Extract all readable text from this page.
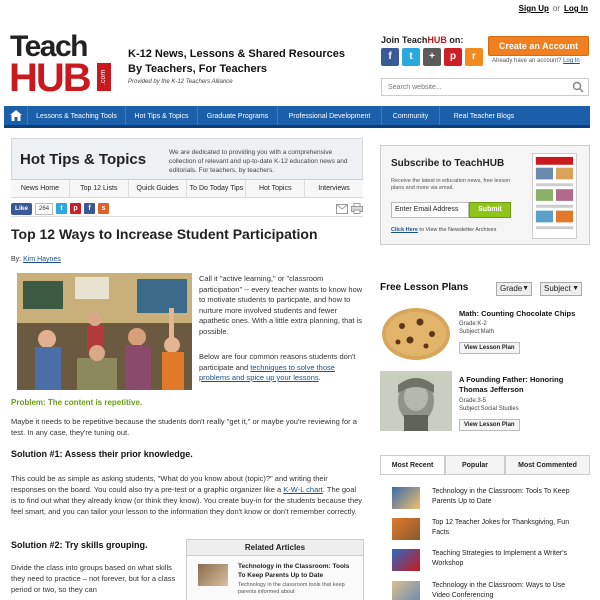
Sign Up or Log In
Teach
HUB	.com
K-12 News, Lessons & Shared Resources
By Teachers, For Teachers
Provided by the K-12 Teachers Alliance
Join TeachHUB on:
f	t	+	p	r
Create an Account
Already have an account? Log In
Search website...
Lessons & Teaching Tools	Hot Tips & Topics	Graduate Programs	Professional Development	Community	Real Teacher Blogs
Hot Tips & Topics	We are dedicated to providing you with a comprehensive collection of relevant and up-to-date K-12 education news and editorials. For teachers, by teachers.

News Home	Top 12 Lists	Quick Guides	To Do Today Tips	Hot Topics	Interviews
Like	264	t	p	f	s
Top 12 Ways to Increase Student Participation
By: Kim Haynes
Call it "active learning," or "classroom participation" -- every teacher wants to know how to motivate students to particpate, and how to nurture more involved students and fewer apathetic ones. With a little extra planning, that is possible.
Below are four common reasons students don't participate and techniques to solve those problems and spice up your lessons.
Problem: The content is repetitive.
Maybe it needs to be repetitive because the students don't really "get it," or maybe you're reviewing for a test. In any case, they're tuning out.
Solution #1: Assess their prior knowledge.
This could be as simple as asking students, "What do you know about (topic)?" and writing their responses on the board. You could also try a pre-test or a graphic organizer like a K-W-L chart. The goal is to find out what they already know (or think they know). You create buy-in for the students because they feel smart, and you can tailor your lesson to the information they don't know or don't remember correctly.
Solution #2: Try skills grouping.
Divide the class into groups based on what skills they need to practice – not forever, but for a class period or two, so they can
Related Articles
Technology in the Classroom: Tools To Keep Parents Up to Date
Technology in the classroom tools that keep parents informed about
Subscribe to TeachHUB

Receive the latest in education news, free lesson plans and more via email.

Enter Email Address	Submit
Click Here to View the Newsletter Archives
Free Lesson Plans	Grade ▼	Subject ▼
Math: Counting Chocolate Chips
Grade:K-2
Subject:Math
View Lesson Plan
A Founding Father: Honoring Thomas Jefferson
Grade:3-5
Subject:Social Studies
View Lesson Plan
Most Recent	Popular	Most Commented
Technology in the Classroom: Tools To Keep Parents Up to Date
Top 12 Teacher Jokes for Thanksgiving, Fun Facts
Teaching Strategies to Implement a Writer's Workshop
Technology in the Classroom: Ways to Use Video Conferencing
